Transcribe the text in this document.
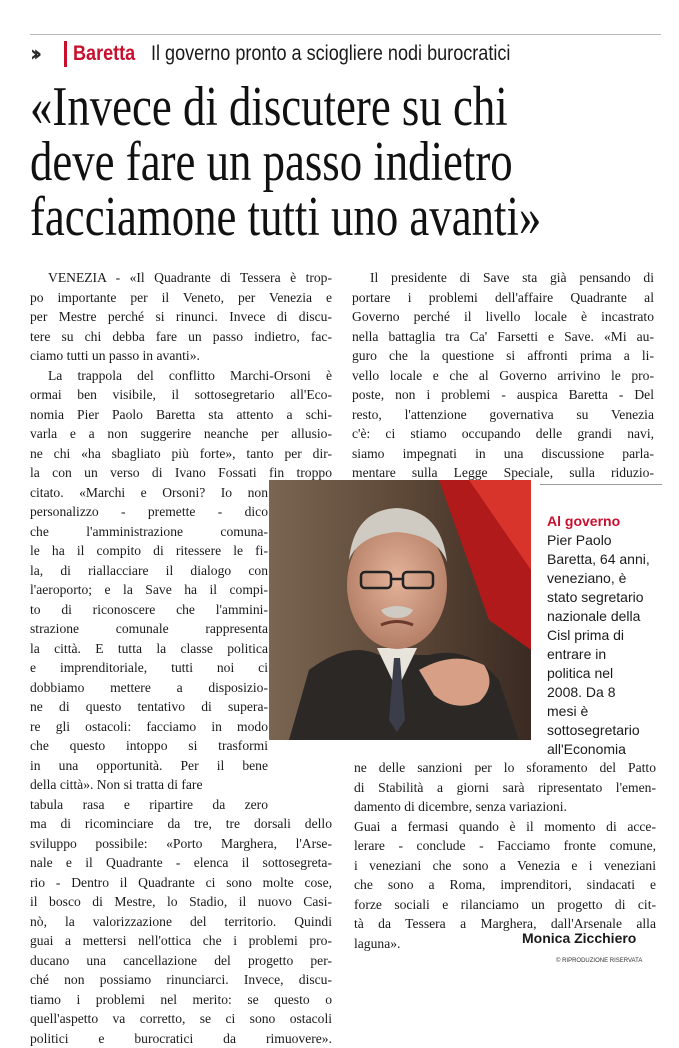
››	Baretta Il governo pronto a sciogliere nodi burocratici
«Invece di discutere su chi
deve fare un passo indietro
facciamone tutti uno avanti»
VENEZIA - «Il Quadrante di Tessera è trop-
po importante per il Veneto, per Venezia e
per Mestre perché si rinunci. Invece di discu-
tere su chi debba fare un passo indietro, fac-
ciamo tutti un passo in avanti».
La trappola del conflitto Marchi-Orsoni è
ormai ben visibile, il sottosegretario all'Eco-
nomia Pier Paolo Baretta sta attento a schi-
varla e a non suggerire neanche per allusio-
ne chi «ha sbagliato più forte», tanto per dir-
la con un verso di Ivano Fossati fin troppo
citato. «Marchi e Orsoni? Io non
personalizzo - premette - dico
che l'amministrazione comuna-
le ha il compito di ritessere le fi-
la, di riallacciare il dialogo con
l'aeroporto; e la Save ha il compi-
to di riconoscere che l'ammini-
strazione comunale rappresenta
la città. E tutta la classe politica
e imprenditoriale, tutti noi ci
dobbiamo mettere a disposizio-
ne di questo tentativo di supera-
re gli ostacoli: facciamo in modo
che questo intoppo si trasformi
in una opportunità. Per il bene
della città». Non si tratta di fare
tabula rasa e ripartire da zero
ma di ricominciare da tre, tre dorsali dello
sviluppo possibile: «Porto Marghera, l'Arse-
nale e il Quadrante - elenca il sottosegreta-
rio - Dentro il Quadrante ci sono molte cose,
il bosco di Mestre, lo Stadio, il nuovo Casi-
nò, la valorizzazione del territorio. Quindi
guai a mettersi nell'ottica che i problemi pro-
ducano una cancellazione del progetto per-
ché non possiamo rinunciarci. Invece, discu-
tiamo i problemi nel merito: se questo o
quell'aspetto va corretto, se ci sono ostacoli
politici e burocratici da rimuovere».
Il presidente di Save sta già pensando di
portare i problemi dell'affaire Quadrante al
Governo perché il livello locale è incastrato
nella battaglia tra Ca' Farsetti e Save. «Mi au-
guro che la questione si affronti prima a li-
vello locale e che al Governo arrivino le pro-
poste, non i problemi - auspica Baretta - Del
resto, l'attenzione governativa su Venezia
c'è: ci stiamo occupando delle grandi navi,
siamo impegnati in una discussione parla-
mentare sulla Legge Speciale, sulla riduzio-
ne delle sanzioni per lo sforamento del Patto
di Stabilità a giorni sarà ripresentato l'emen-
damento di dicembre, senza variazioni.
Guai a fermasi quando è il momento di acce-
lerare - conclude - Facciamo fronte comune,
i veneziani che sono a Venezia e i veneziani
che sono a Roma, imprenditori, sindacati e
forze sociali e rilanciamo un progetto di cit-
tà da Tessera a Marghera, dall'Arsenale alla
laguna».
Al governo
Pier Paolo
Baretta, 64 anni,
veneziano, è
stato segretario
nazionale della
Cisl prima di
entrare in
politica nel
2008. Da 8
mesi è
sottosegretario
all'Economia
Monica Zicchiero
© RIPRODUZIONE RISERVATA
